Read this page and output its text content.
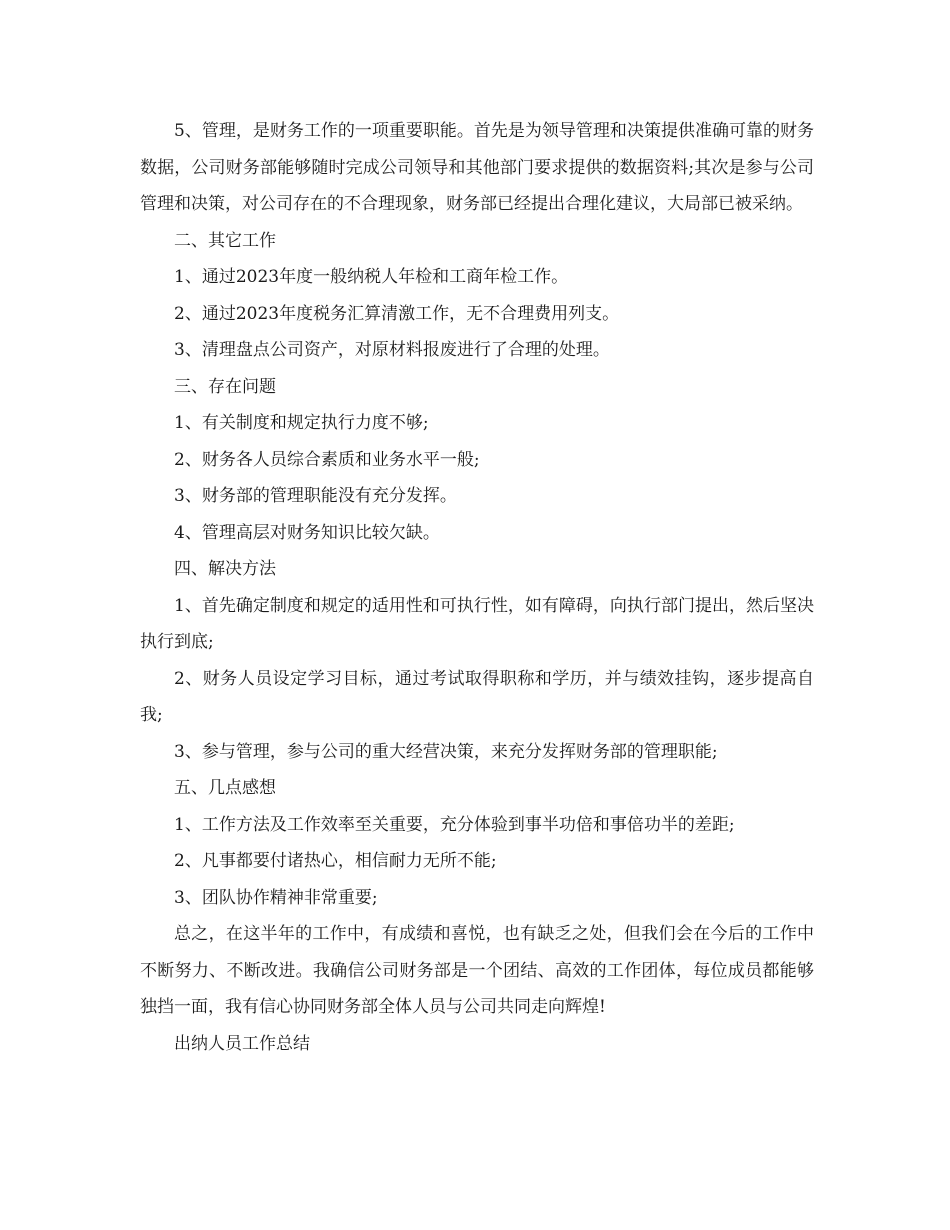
5、管理，是财务工作的一项重要职能。首先是为领导管理和决策提供准确可靠的财务数据，公司财务部能够随时完成公司领导和其他部门要求提供的数据资料;其次是参与公司管理和决策，对公司存在的不合理现象，财务部已经提出合理化建议，大局部已被采纳。

二、其它工作

1、通过2023年度一般纳税人年检和工商年检工作。

2、通过2023年度税务汇算清激工作，无不合理费用列支。

3、清理盘点公司资产，对原材料报废进行了合理的处理。

三、存在问题

1、有关制度和规定执行力度不够;

2、财务各人员综合素质和业务水平一般;

3、财务部的管理职能没有充分发挥。

4、管理高层对财务知识比较欠缺。

四、解决方法

1、首先确定制度和规定的适用性和可执行性，如有障碍，向执行部门提出，然后坚决执行到底;

2、财务人员设定学习目标，通过考试取得职称和学历，并与绩效挂钩，逐步提高自我;

3、参与管理，参与公司的重大经营决策，来充分发挥财务部的管理职能;

五、几点感想

1、工作方法及工作效率至关重要，充分体验到事半功倍和事倍功半的差距;

2、凡事都要付诸热心，相信耐力无所不能;

3、团队协作精神非常重要;

总之，在这半年的工作中，有成绩和喜悦，也有缺乏之处，但我们会在今后的工作中不断努力、不断改进。我确信公司财务部是一个团结、高效的工作团体，每位成员都能够独挡一面，我有信心协同财务部全体人员与公司共同走向辉煌!

出纳人员工作总结
